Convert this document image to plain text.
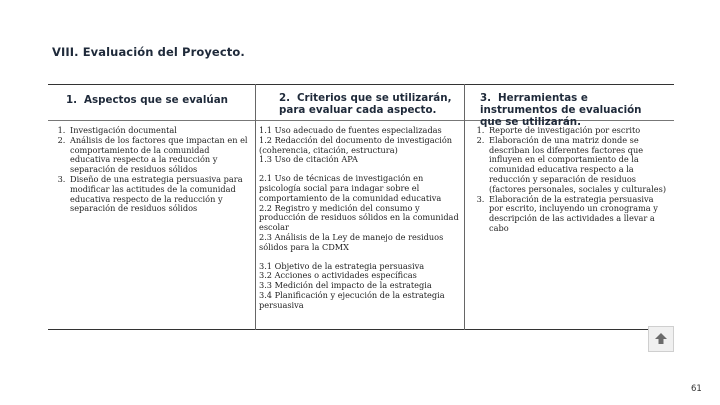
VIII. Evaluación del Proyecto.
1. Aspectos que se evalúan	2. Criterios que se utilizarán, para evaluar cada aspecto.
3. Herramientas e instrumentos de evaluación que se utilizarán.
1. Investigación documental
2. Análisis de los factores que impactan en el comportamiento de la comunidad educativa respecto a la reducción y separación de residuos sólidos
3. Diseño de una estrategia persuasiva para modificar las actitudes de la comunidad educativa respecto de la reducción y separación de residuos sólidos

1.1 Uso adecuado de fuentes especializadas

1.2 Redacción del documento de investigación (coherencia, citación, estructura)

1.3 Uso de citación APA

2.1 Uso de técnicas de investigación en psicología social para indagar sobre el comportamiento de la comunidad educativa

2.2 Registro y medición del consumo y producción de residuos sólidos en la comunidad escolar

2.3 Análisis de la Ley de manejo de residuos sólidos para la CDMX

3.1 Objetivo de la estrategia persuasiva

3.2 Acciones o actividades específicas

3.3 Medición del impacto de la estrategia

3.4 Planificación y ejecución de la estrategia persuasiva

1. Reporte de investigación por escrito
2. Elaboración de una matriz donde se describan los diferentes factores que influyen en el comportamiento de la comunidad educativa respecto a la reducción y separación de residuos (factores personales, sociales y culturales)
3. Elaboración de la estrategia persuasiva por escrito, incluyendo un cronograma y descripción de las actividades a llevar a cabo
61
